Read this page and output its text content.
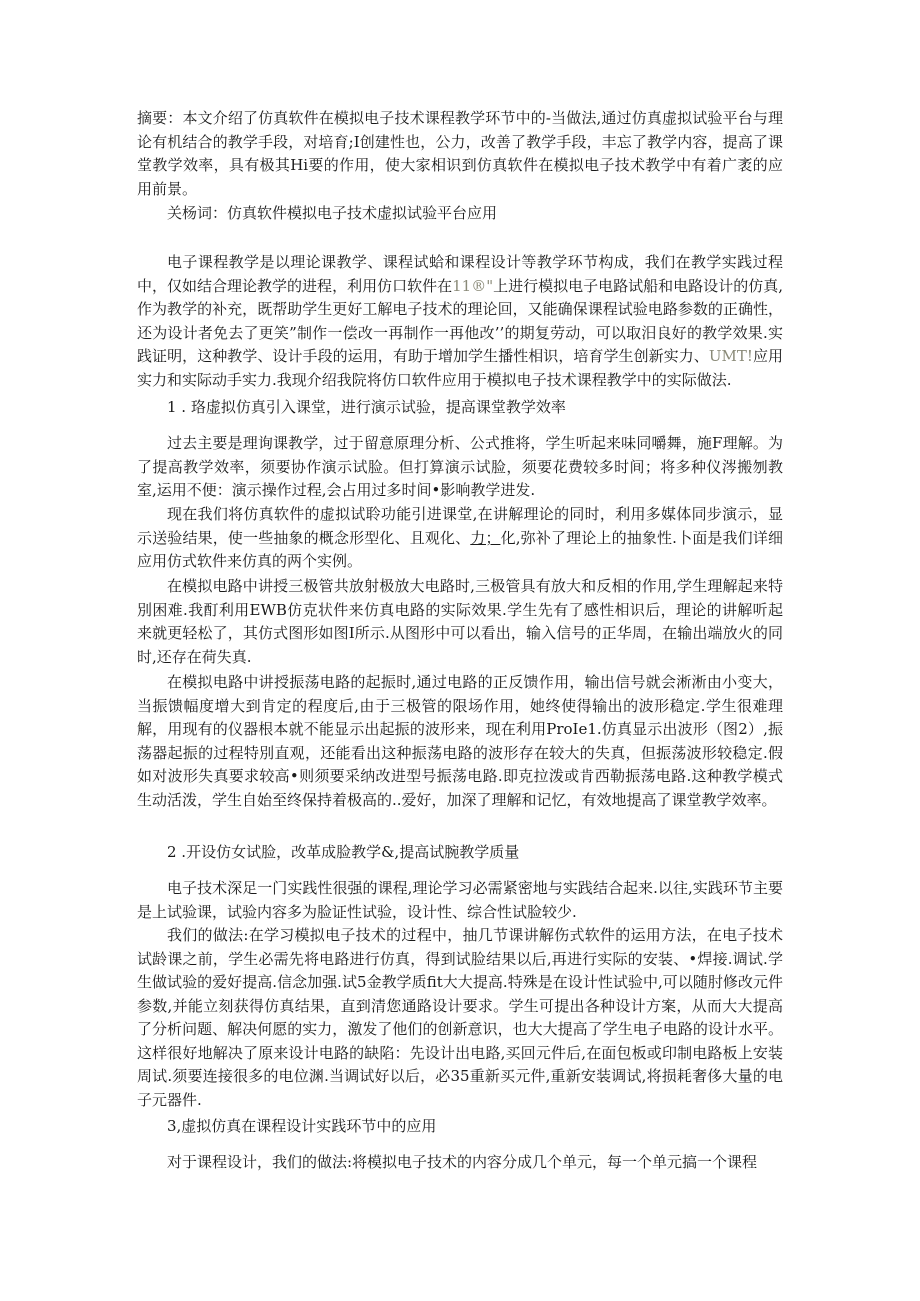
摘要：本文介绍了仿真软件在模拟电子技术课程教学环节中的-当做法,通过仿真虚拟试验平台与理论有机结合的教学手段，对培育;I创建性也，公力，改善了教学手段，丰忘了教学内容，提高了课堂教学效率，具有极其Hi要的作用，使大家相识到仿真软件在模拟电子技术教学中有着广袤的应用前景。

关杨词：仿真软件模拟电子技术虚拟试验平台应用

电子课程教学是以理论课教学、课程试蛤和课程设计等教学环节构成，我们在教学实践过程中，仅如结合理论教学的进程，利用仿口软件在11®"上进行模拟电子电路试船和电路设计的仿真,作为教学的补充，既帮助学生更好工解电子技术的理论回，又能确保课程试验电路参数的正确性，还为设计者免去了更笑”制作一偿改一再制作一再他改’’的期复劳动，可以取汨良好的教学效果.实践证明，这种教学、设计手段的运用，有助于增加学生播性相识，培育学生创新实力、UMT!应用实力和实际动手实力.我现介绍我院将仿口软件应用于模拟电子技术课程教学中的实际做法.

1 . 珞虚拟仿真引入课堂，进行演示试验，提高课堂教学效率

过去主要是理询课教学，过于留意原理分析、公式推将，学生听起来味同嚼舞，施F理解。为了提高教学效率，须要协作演示试脸。但打算演示试脸，须要花费较多时间；将多种仪涔搬刎教室,运用不便：演示操作过程,会占用过多时间•影响教学进发.

现在我们将仿真软件的虚拟试聆功能引进课堂,在讲解理论的同时，利用多媒体同步演示，显示送验结果，使一些抽象的概念形型化、且观化、力；化,弥补了理论上的抽象性.卜面是我们详细应用仿式软件来仿真的两个实例。

在模拟电路中讲授三极管共放射极放大电路时,三极管具有放大和反相的作用,学生理解起来特別困难.我酊利用EWB仿克状件来仿真电路的实际效果.学生先有了感性相识后，理论的讲解听起来就更轻松了，其仿式图形如图I所示.从图形中可以看出，输入信号的正华周，在输出端放火的同时,还存在荷失真.

在模拟电路中讲授振荡电路的起振时,通过电路的正反馈作用，输出信号就会淅淅由小变大，当振馈幅度增大到肯定的程度后,由于三极管的限场作用，她终使得输出的波形稳定.学生很难理解，用现有的仪器根本就不能显示出起振的波形来，现在利用ProIe1.仿真显示出波形（图2）,振荡器起振的过程特別直观，还能看出这种振荡电路的波形存在较大的失真，但振荡波形较稳定.假如对波形失真要求较高•则须要采纳改进型号振荡电路.即克拉泼或肯西勒振荡电路.这种教学模式生动活泼，学生自始至终保持着极高的..爱好，加深了理解和记忆，有效地提高了课堂教学效率。

2 .开设仿女试脸，改革成脸教学&,提高试腕教学质量

电子技术深足一门实践性很强的课程,理论学习必需紧密地与实践结合起来.以往,实践环节主要是上试验课，试验内容多为脸证性试验，设计性、综合性试脸较少.

我们的做法:在学习模拟电子技术的过程中，抽几节课讲解伤式软件的运用方法，在电子技术试龄课之前，学生必需先将电路进行仿真，得到试脸结果以后,再进行实际的安装、•焊接.调试.学生做试验的爱好提高.信念加强.试5金教学质fit大大提高.特殊是在设计性试验中,可以随肘修改元件参数,并能立刻获得仿真结果，直到清您通路设计要求。学生可提出各种设计方案，从而大大提高了分析问题、解决何愿的实力，激发了他们的创新意识，也大大提高了学生电子电路的设计水平。这样很好地解决了原来设计电路的缺陷：先设计出电路,买回元件后,在面包板或印制电路板上安装周试.须要连接很多的电位渊.当调试好以后，必35重新买元件,重新安装调试,将损耗奢侈大量的电子元器件.

3,虚拟仿真在课程设计实践环节中的应用

对于课程设计，我们的做法:将模拟电子技术的内容分成几个单元，每一个单元搞一个课程
